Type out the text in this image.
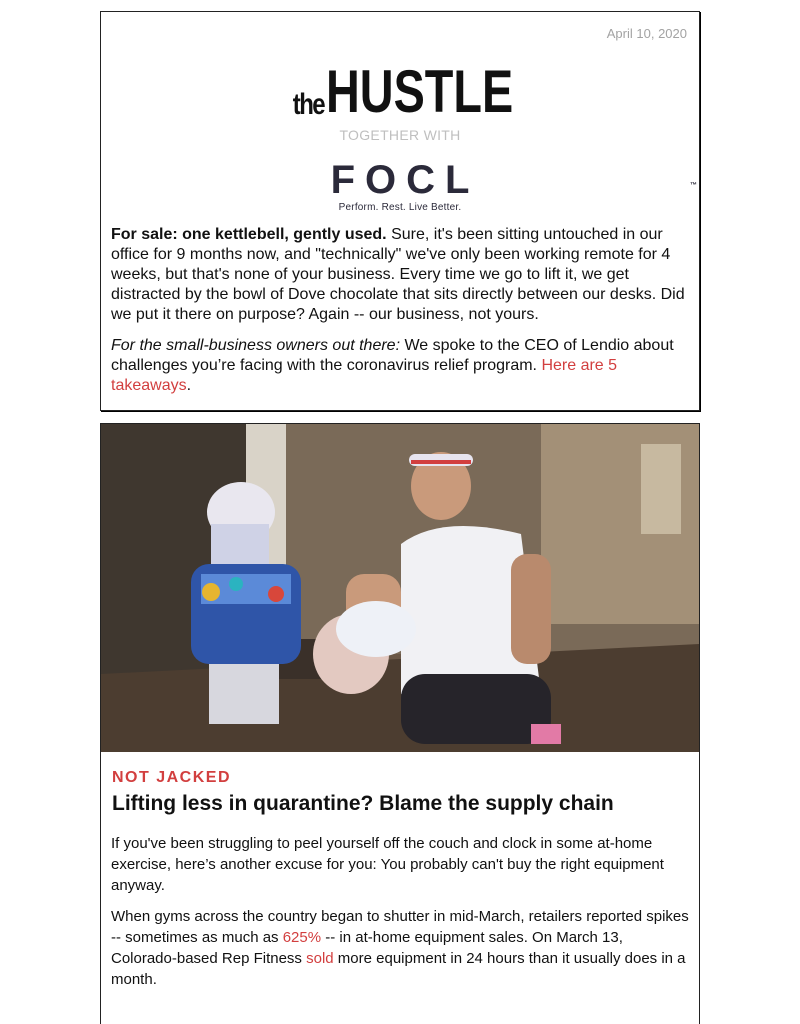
April 10, 2020
the HUSTLE
TOGETHER WITH
FOCL	™
Perform. Rest. Live Better.

For sale: one kettlebell, gently used. Sure, it's been sitting untouched in our office for 9 months now, and "technically" we've only been working remote for 4 weeks, but that's none of your business. Every time we go to lift it, we get distracted by the bowl of Dove chocolate that sits directly between our desks. Did we put it there on purpose? Again -- our business, not yours.

For the small-business owners out there: We spoke to the CEO of Lendio about challenges you’re facing with the coronavirus relief program. Here are 5 takeaways.

NOT JACKED
Lifting less in quarantine? Blame the supply chain

If you've been struggling to peel yourself off the couch and clock in some at-home exercise, here’s another excuse for you: You probably can't buy the right equipment anyway.

When gyms across the country began to shutter in mid-March, retailers reported spikes -- sometimes as much as 625% -- in at-home equipment sales. On March 13, Colorado-based Rep Fitness sold more equipment in 24 hours than it usually does in a month.
